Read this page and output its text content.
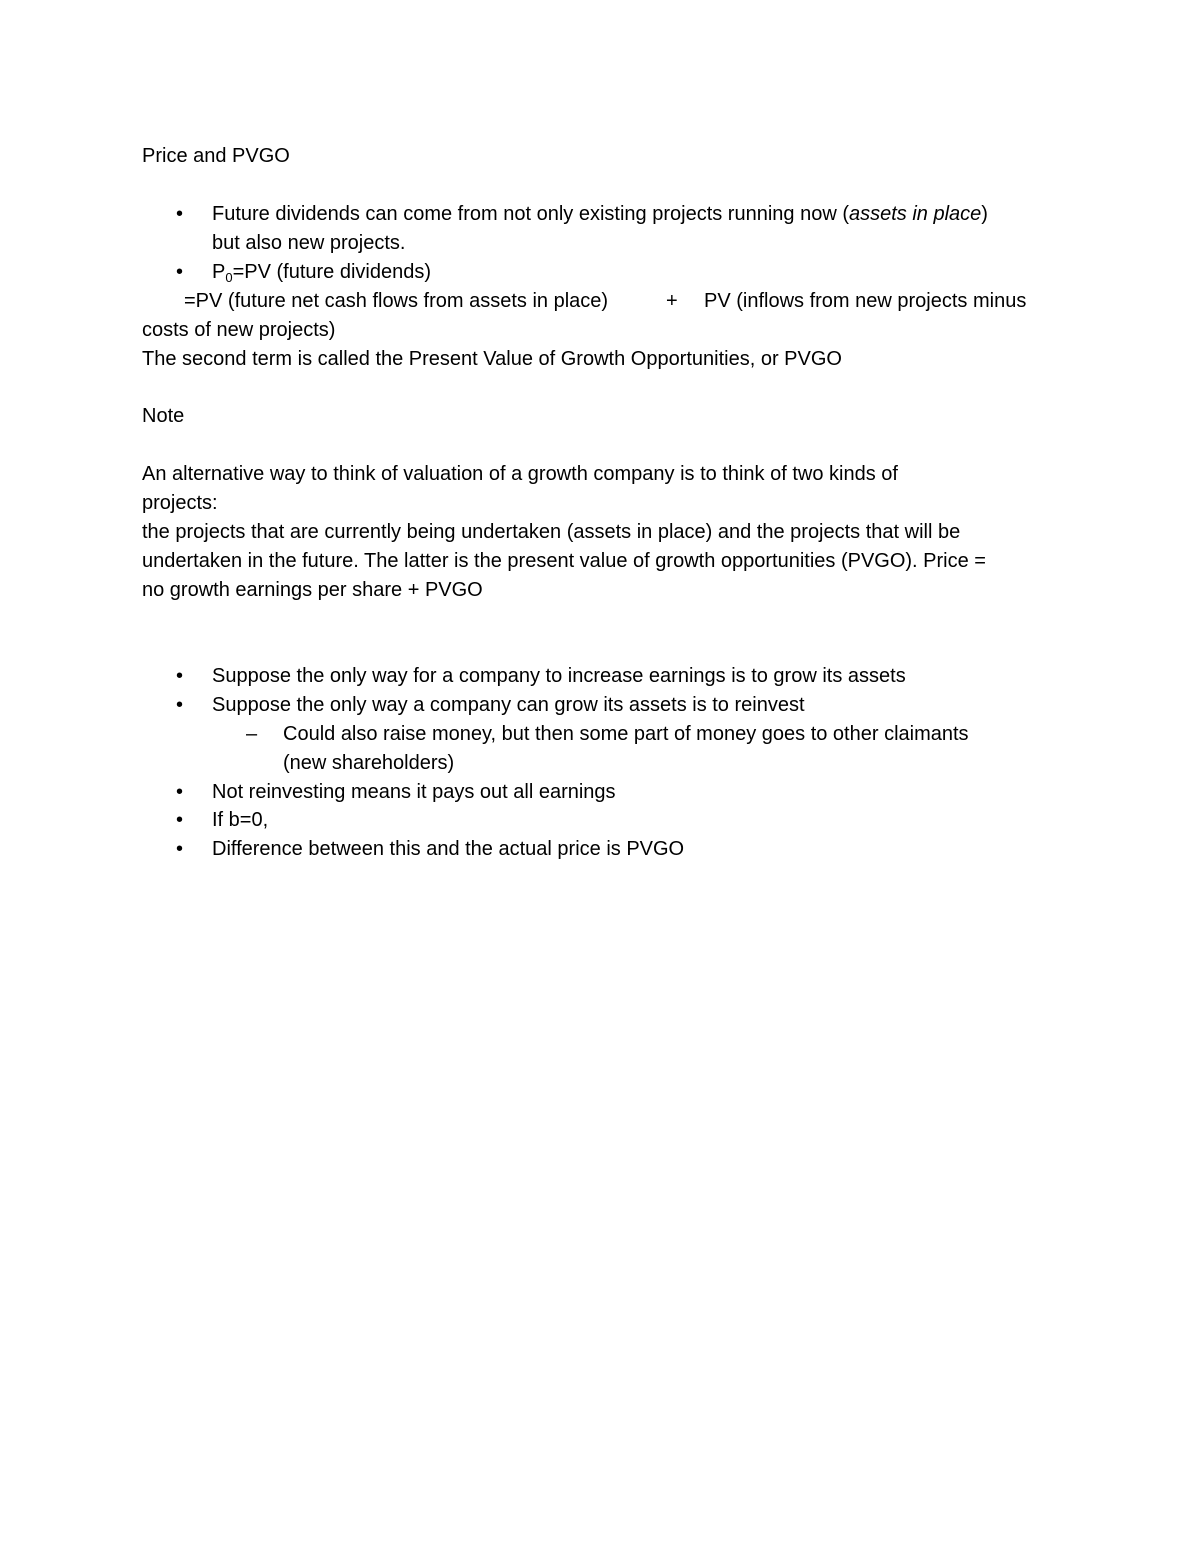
Price and PVGO
• Future dividends can come from not only existing projects running now (assets in place)
but also new projects.
• $P_0=PV$ (future dividends)
=PV (future net cash flows from assets in place)	+ PV (inflows from new projects minus
costs of new projects)
The second term is called the Present Value of Growth Opportunities, or PVGO
Note
An alternative way to think of valuation of a growth company is to think of two kinds of
projects:
the projects that are currently being undertaken (assets in place) and the projects that will be
undertaken in the future. The latter is the present value of growth opportunities (PVGO). Price =
no growth earnings per share + PVGO
• Suppose the only way for a company to increase earnings is to grow its assets
• Suppose the only way a company can grow its assets is to reinvest
– Could also raise money, but then some part of money goes to other claimants
(new shareholders)
• Not reinvesting means it pays out all earnings
• If b=0,
• Difference between this and the actual price is PVGO
